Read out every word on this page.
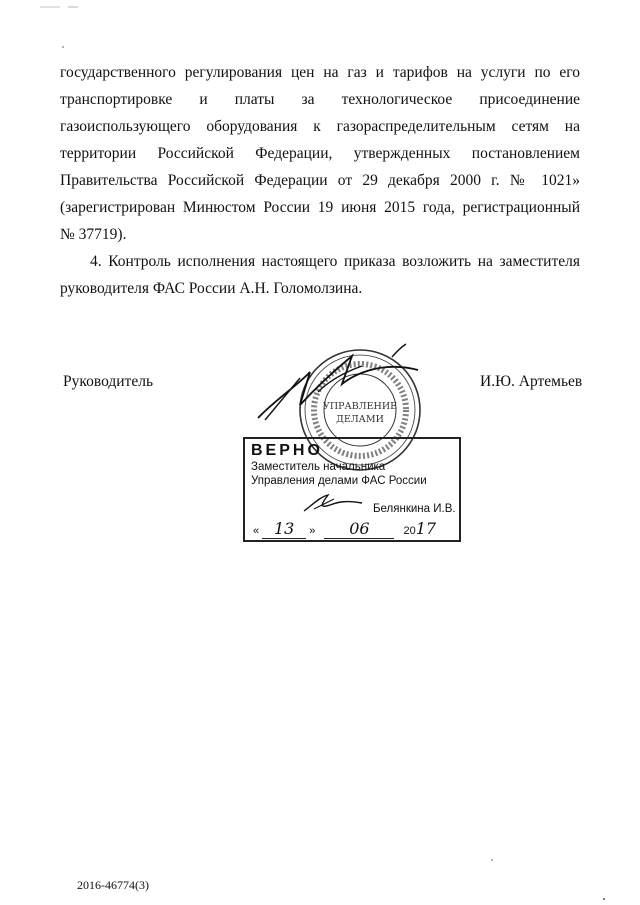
государственного регулирования цен на газ и тарифов на услуги по его
транспортировке и платы за технологическое присоединение
газоиспользующего оборудования к газораспределительным сетям на
территории Российской Федерации, утвержденных постановлением
Правительства Российской Федерации от 29 декабря 2000 г. № 1021»
(зарегистрирован Минюстом России 19 июня 2015 года, регистрационный
№ 37719).

4. Контроль исполнения настоящего приказа возложить на заместителя
руководителя ФАС России А.Н. Голомолзина.

Руководитель	И.Ю. Артемьев
УПРАВЛЕНИЕ
ДЕЛАМИ
ВЕРНО
Заместитель начальника
Управления делами ФАС России
Белянкина И.В.
« 13 » 06	2017
2016-46774(3)
